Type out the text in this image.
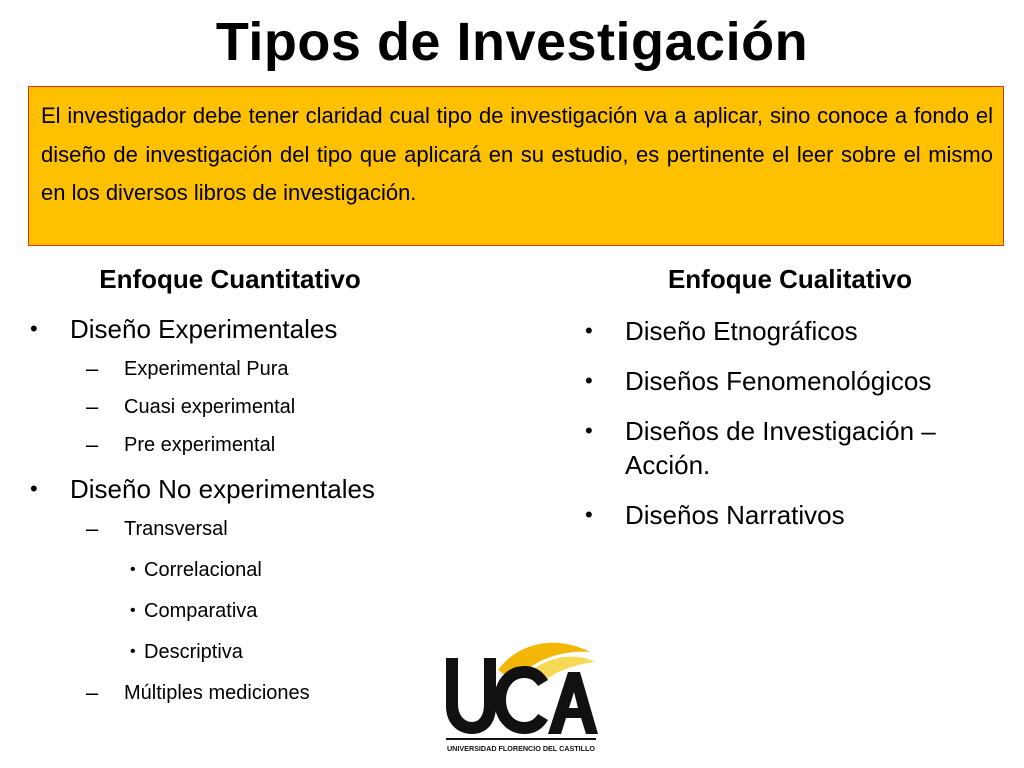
Tipos de Investigación
El investigador debe tener claridad cual tipo de investigación va a aplicar, sino conoce a fondo el diseño de investigación del tipo que aplicará en su estudio, es pertinente el leer sobre el mismo en los diversos libros de investigación.
Enfoque Cuantitativo	Enfoque Cualitativo
•	Diseño Experimentales
–	Experimental Pura
–	Cuasi experimental
–	Pre experimental
•	Diseño No experimentales
–	Transversal
• Correlacional
• Comparativa
• Descriptiva
–	Múltiples mediciones
•	Diseño Etnográficos
•	Diseños Fenomenológicos
•	Diseños de Investigación – Acción.
•	Diseños Narrativos
UNIVERSIDAD FLORENCIO DEL CASTILLO
